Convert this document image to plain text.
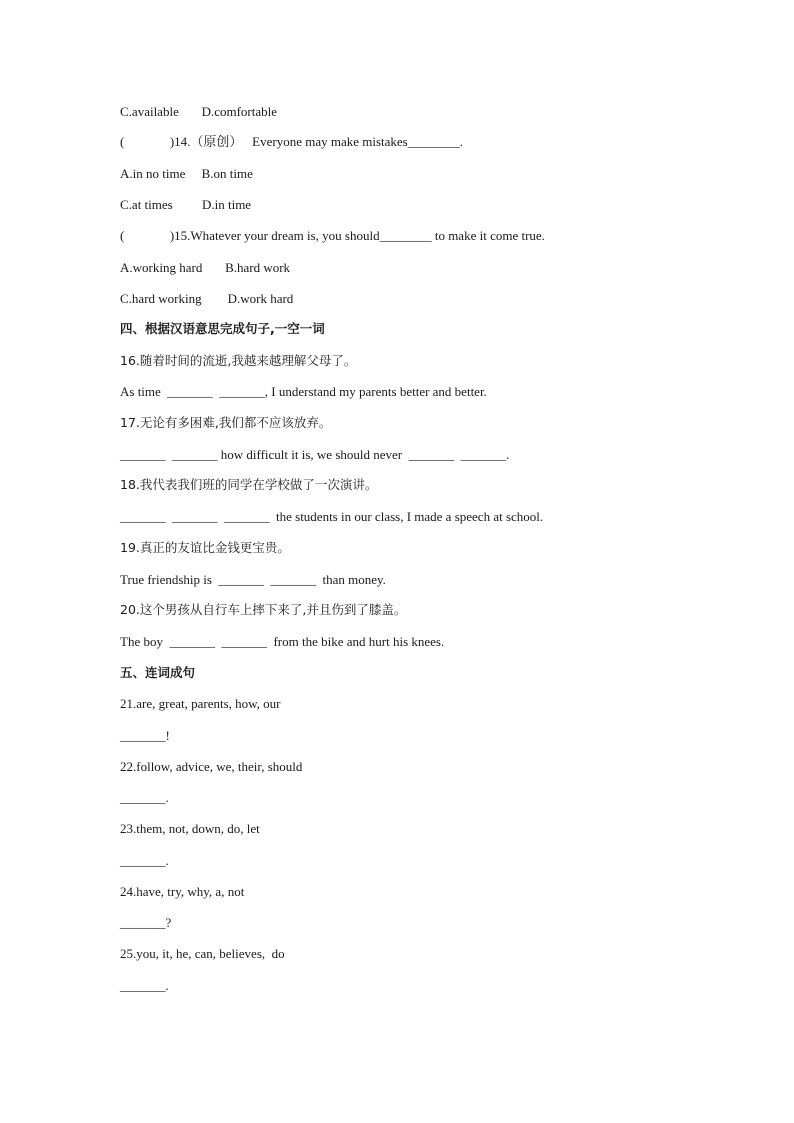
C.available       D.comfortable
(              )14.（原创）   Everyone may make mistakes________.
A.in no time     B.on time
C.at times         D.in time
(              )15.Whatever your dream is, you should________ to make it come true.
A.working hard       B.hard work
C.hard working        D.work hard
四、根据汉语意思完成句子,一空一词
16.随着时间的流逝,我越来越理解父母了。
As time  _______  _______, I understand my parents better and better.
17.无论有多困难,我们都不应该放弃。
_______  _______ how difficult it is, we should never  _______  _______.
18.我代表我们班的同学在学校做了一次演讲。
_______  _______  _______  the students in our class, I made a speech at school.
19.真正的友谊比金钱更宝贵。
True friendship is  _______  _______  than money.
20.这个男孩从自行车上摔下来了,并且伤到了膝盖。
The boy  _______  _______  from the bike and hurt his knees.
五、连词成句
21.are, great, parents, how, our
_______!
22.follow, advice, we, their, should
_______.
23.them, not, down, do, let
_______.
24.have, try, why, a, not
_______?
25.you, it, he, can, believes,  do
_______.
